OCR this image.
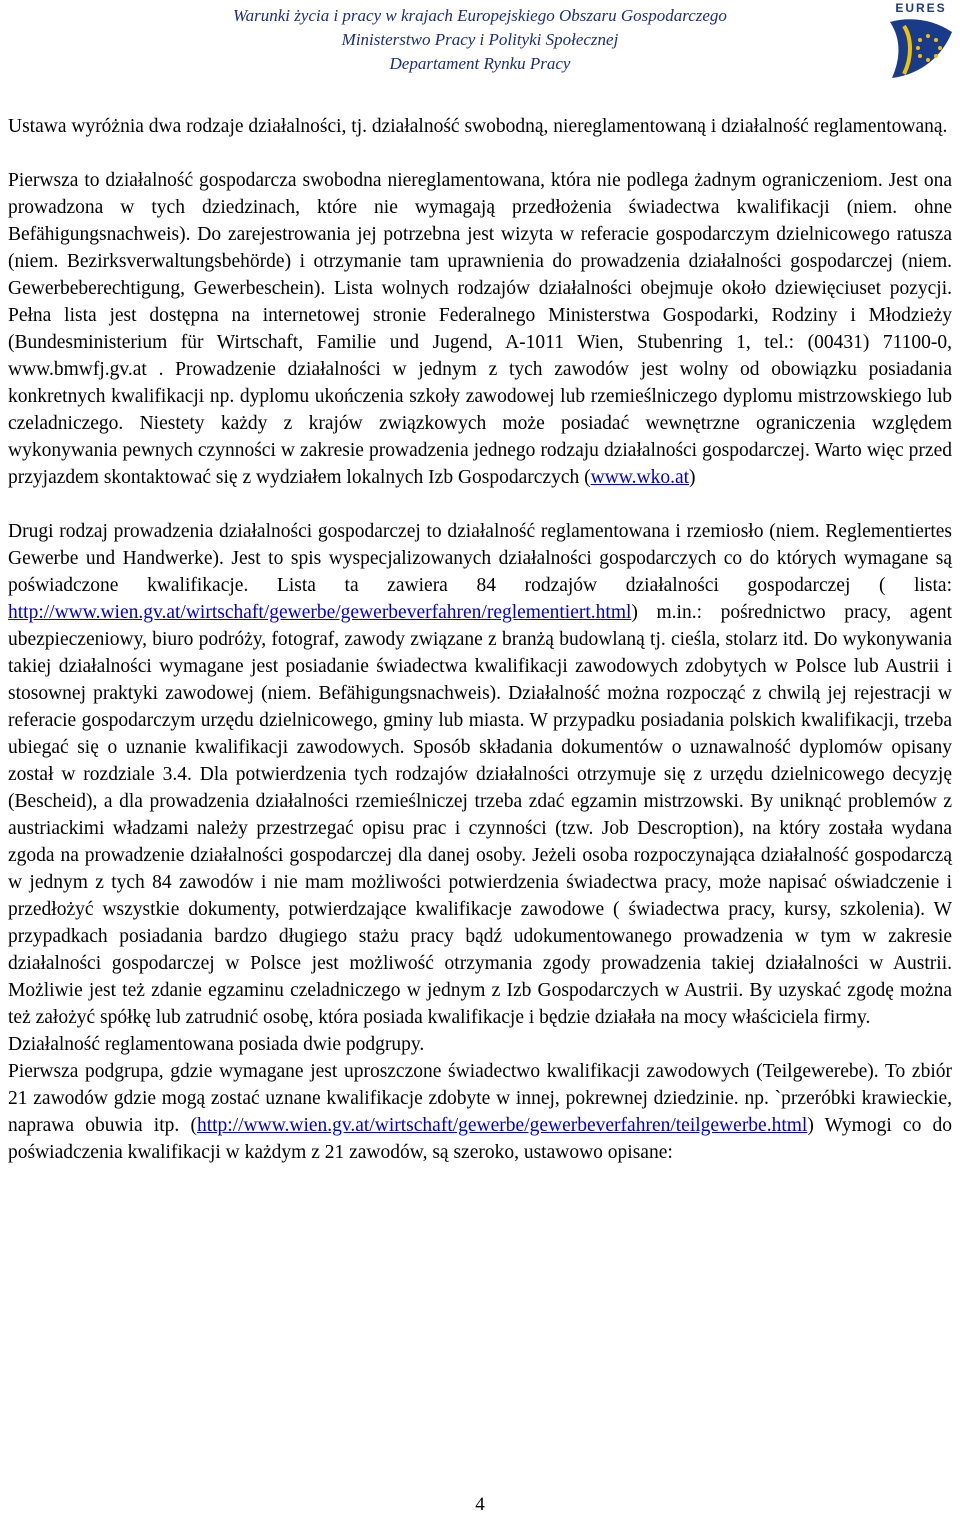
Warunki życia i pracy w krajach Europejskiego Obszaru Gospodarczego
Ministerstwo Pracy i Polityki Społecznej
Departament Rynku Pracy
EURES

Ustawa wyróżnia dwa rodzaje działalności, tj. działalność swobodną, niereglamentowaną i działalność reglamentowaną.

Pierwsza to działalność gospodarcza swobodna niereglamentowana, która nie podlega żadnym ograniczeniom. Jest ona prowadzona w tych dziedzinach, które nie wymagają przedłożenia świadectwa kwalifikacji (niem. ohne Befähigungsnachweis). Do zarejestrowania jej potrzebna jest wizyta w referacie gospodarczym dzielnicowego ratusza (niem. Bezirksverwaltungsbehörde) i otrzymanie tam uprawnienia do prowadzenia działalności gospodarczej (niem. Gewerbeberechtigung, Gewerbeschein). Lista wolnych rodzajów działalności obejmuje około dziewięciuset pozycji. Pełna lista jest dostępna na internetowej stronie Federalnego Ministerstwa Gospodarki, Rodziny i Młodzieży (Bundesministerium für Wirtschaft, Familie und Jugend, A-1011 Wien, Stubenring 1, tel.: (00431) 71100-0, www.bmwfj.gv.at . Prowadzenie działalności w jednym z tych zawodów jest wolny od obowiązku posiadania konkretnych kwalifikacji np. dyplomu ukończenia szkoły zawodowej lub rzemieślniczego dyplomu mistrzowskiego lub czeladniczego. Niestety każdy z krajów związkowych może posiadać wewnętrzne ograniczenia względem wykonywania pewnych czynności w zakresie prowadzenia jednego rodzaju działalności gospodarczej. Warto więc przed przyjazdem skontaktować się z wydziałem lokalnych Izb Gospodarczych (www.wko.at)

Drugi rodzaj prowadzenia działalności gospodarczej to działalność reglamentowana i rzemiosło (niem. Reglementiertes Gewerbe und Handwerke). Jest to spis wyspecjalizowanych działalności gospodarczych co do których wymagane są poświadczone kwalifikacje. Lista ta zawiera 84 rodzajów działalności gospodarczej ( lista: http://www.wien.gv.at/wirtschaft/gewerbe/gewerbeverfahren/reglementiert.html) m.in.: pośrednictwo pracy, agent ubezpieczeniowy, biuro podróży, fotograf, zawody związane z branżą budowlaną tj. cieśla, stolarz itd. Do wykonywania takiej działalności wymagane jest posiadanie świadectwa kwalifikacji zawodowych zdobytych w Polsce lub Austrii i stosownej praktyki zawodowej (niem. Befähigungsnachweis). Działalność można rozpocząć z chwilą jej rejestracji w referacie gospodarczym urzędu dzielnicowego, gminy lub miasta. W przypadku posiadania polskich kwalifikacji, trzeba ubiegać się o uznanie kwalifikacji zawodowych. Sposób składania dokumentów o uznawalność dyplomów opisany został w rozdziale 3.4. Dla potwierdzenia tych rodzajów działalności otrzymuje się z urzędu dzielnicowego decyzję (Bescheid), a dla prowadzenia działalności rzemieślniczej trzeba zdać egzamin mistrzowski. By uniknąć problemów z austriackimi władzami należy przestrzegać opisu prac i czynności (tzw. Job Descroption), na który została wydana zgoda na prowadzenie działalności gospodarczej dla danej osoby. Jeżeli osoba rozpoczynająca działalność gospodarczą w jednym z tych 84 zawodów i nie mam możliwości potwierdzenia świadectwa pracy, może napisać oświadczenie i przedłożyć wszystkie dokumenty, potwierdzające kwalifikacje zawodowe ( świadectwa pracy, kursy, szkolenia). W przypadkach posiadania bardzo długiego stażu pracy bądź udokumentowanego prowadzenia w tym w zakresie działalności gospodarczej w Polsce jest możliwość otrzymania zgody prowadzenia takiej działalności w Austrii. Możliwie jest też zdanie egzaminu czeladniczego w jednym z Izb Gospodarczych w Austrii. By uzyskać zgodę można też założyć spółkę lub zatrudnić osobę, która posiada kwalifikacje i będzie działała na mocy właściciela firmy.

Działalność reglamentowana posiada dwie podgrupy.

Pierwsza podgrupa, gdzie wymagane jest uproszczone świadectwo kwalifikacji zawodowych (Teilgewerebe). To zbiór 21 zawodów gdzie mogą zostać uznane kwalifikacje zdobyte w innej, pokrewnej dziedzinie. np. `przeróbki krawieckie, naprawa obuwia itp. (http://www.wien.gv.at/wirtschaft/gewerbe/gewerbeverfahren/teilgewerbe.html) Wymogi co do poświadczenia kwalifikacji w każdym z 21 zawodów, są szeroko, ustawowo opisane:

4
